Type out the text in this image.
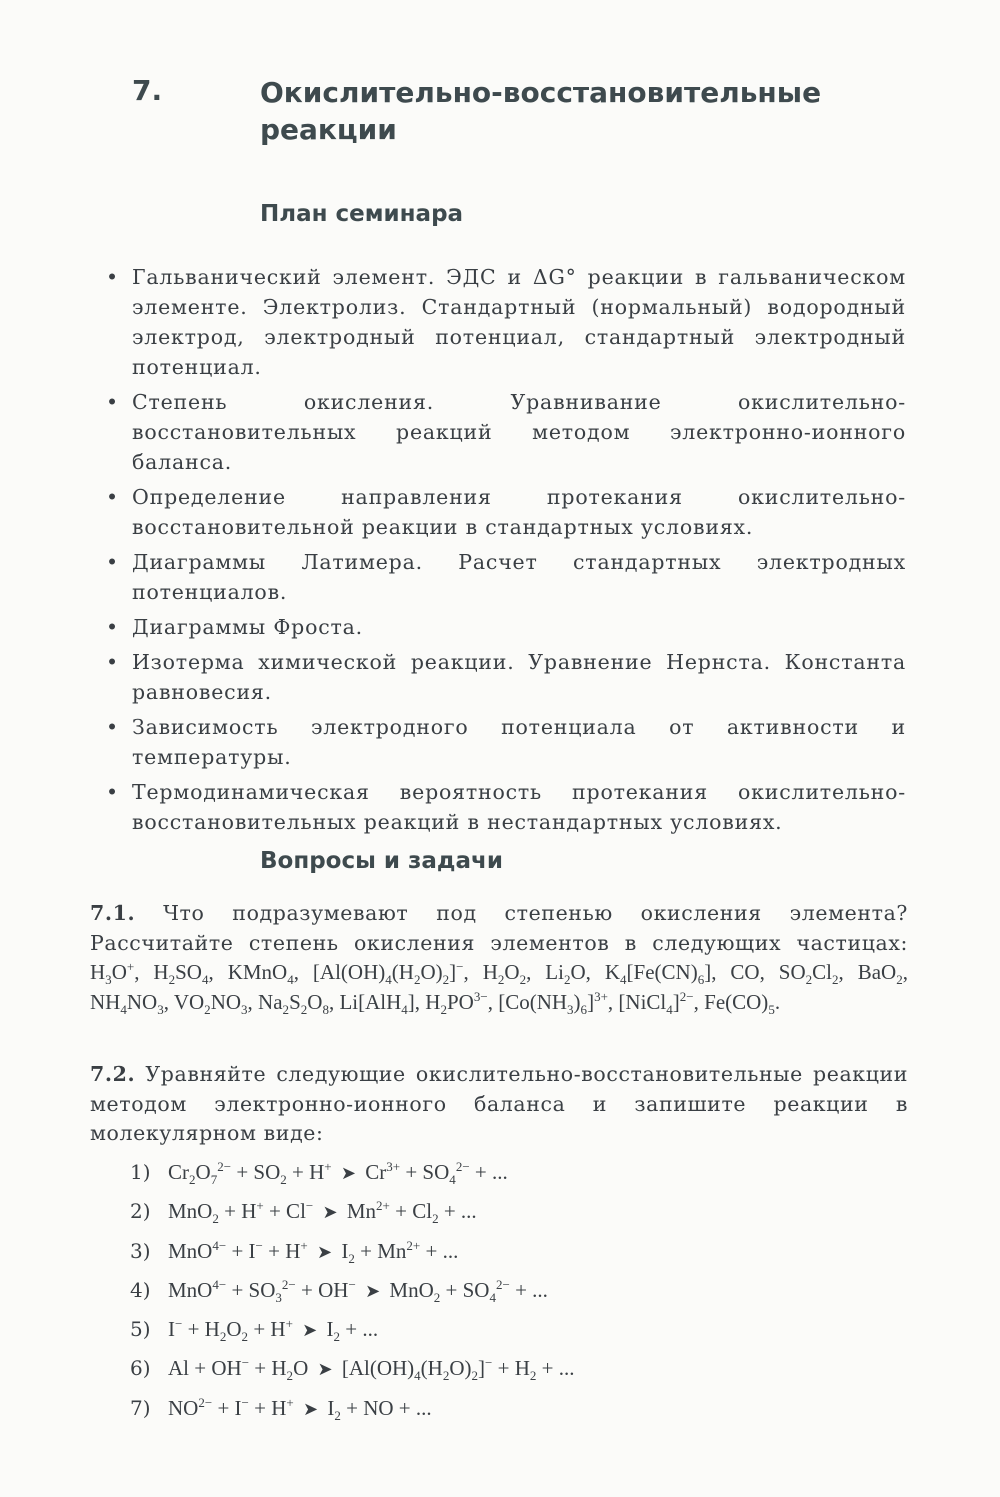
7.	Окислительно-восстановительные
реакции
План семинара
• Гальванический элемент. ЭДС и ΔG° реакции в гальваническом элементе. Электролиз. Стандартный (нормальный) водородный электрод, электродный потенциал, стандартный электродный потенциал.
• Степень окисления. Уравнивание окислительно-восстановительных реакций методом электронно-ионного баланса.
• Определение направления протекания окислительно-восстановительной реакции в стандартных условиях.
• Диаграммы Латимера. Расчет стандартных электродных потенциалов.
• Диаграммы Фроста.
• Изотерма химической реакции. Уравнение Нернста. Константа равновесия.
• Зависимость электродного потенциала от активности и температуры.
• Термодинамическая вероятность протекания окислительно-восстановительных реакций в нестандартных условиях.
Вопросы и задачи
7.1. Что подразумевают под степенью окисления элемента? Рассчитайте степень окисления элементов в следующих частицах: $H_3O^+$, $H_2SO_4$, KMnO$_4$, $[Al(OH)_4(H_2O)_2]^-$, $H_2O_2$, $Li_2O$, $K_4[Fe(CN)_6]$, CO, $SO_2Cl_2$, BaO$_2$, $NH_4NO_3$, $VO_2NO_3$, $Na_2S_2O_8$, Li[AlH$_4$], $H_2PO^{3-}$, $[Co(NH_3)_6]^{3+}$, [NiCl$_4$]$^{2-}$, $Fe(CO)_5$.
7.2. Уравняйте следующие окислительно-восстановительные реакции методом электронно-ионного баланса и запишите реакции в молекулярном виде:
1) $Cr_2O_7^{2-} + SO_2 + H^+$ ➤ $Cr^{3+} + SO_4^{2-}$ + ...
2) MnO$_2$ + H+ + Cl− ➤ $Mn^{2+} + Cl_2$ + ...
3) MnO$^{4-}$ + I− + H+ ➤ $I_2 + Mn^{2+}$ + ...
4) $MnO^{4-} + SO_3^{2-} + OH^-$ ➤ $MnO_2 + SO_4^{2-}$ + ...
5) $I^- + H_2O_2 + H^+$ ➤ $I_2$ + ...
6) $Al + OH^- + H_2O$ ➤ $[Al(OH)_4(H_2O)_2]^- + H_2$ + ...
7) $NO^{2-} + I^- + H^+$ ➤ $I_2$ + NO + ...
